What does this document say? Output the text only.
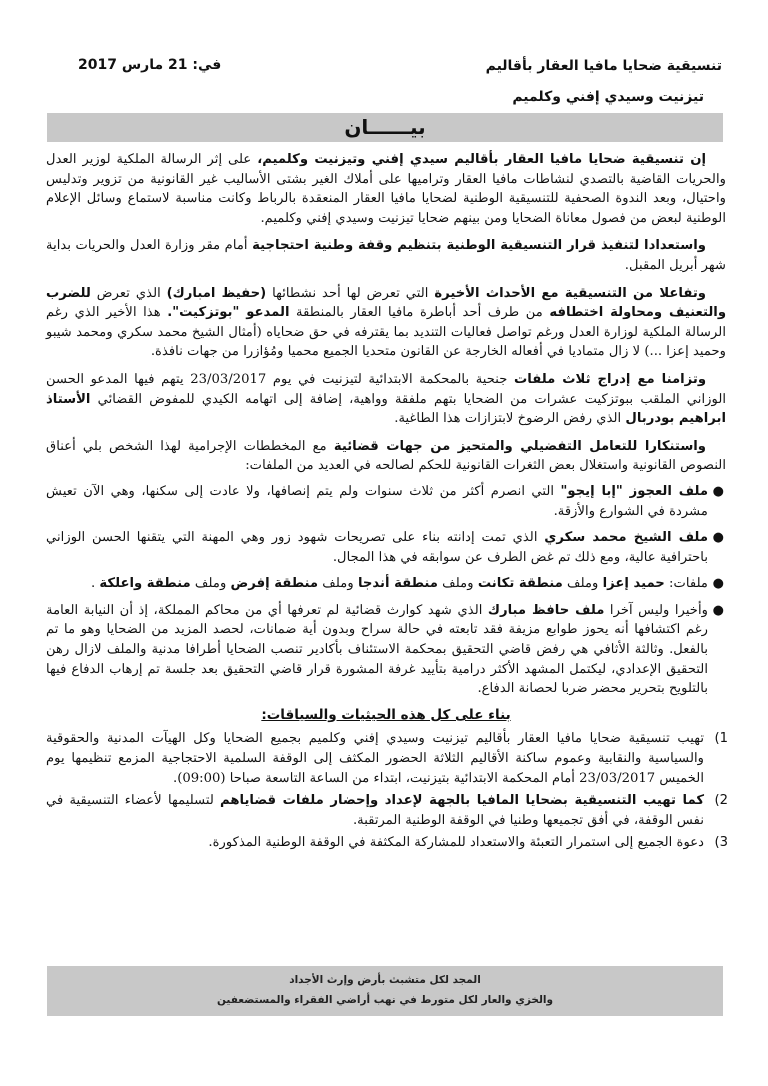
تنسيقية ضحايا مافيا العقار بأقاليم
تيزنيت وسيدي إفني وكلميم
في: 21 مارس 2017
بيــــــان

إن تنسيقية ضحايا مافيا العقار بأقاليم سيدي إفني وتيزنيت وكلميم، على إثر الرسالة الملكية لوزير العدل والحريات القاضية بالتصدي لنشاطات مافيا العقار وترامیها على أملاك الغير بشتى الأساليب غير القانونية من تزوير وتدليس واحتيال، وبعد الندوة الصحفية للتنسيقية الوطنية لضحايا مافيا العقار المنعقدة بالرباط وكانت مناسبة لاستماع وسائل الإعلام الوطنية لبعض من فصول معاناة الضحايا ومن بينهم ضحايا تيزنيت وسيدي إفني وكلميم.

واستعدادا لتنفيذ قرار التنسيقية الوطنية بتنظيم وقفة وطنية احتجاجية أمام مقر وزارة العدل والحريات بداية شهر أبريل المقبل.

وتفاعلا من التنسيقية مع الأحداث الأخيرة التي تعرض لها أحد نشطائها (حفيظ امبارك) الذي تعرض للضرب والتعنيف ومحاولة اختطافه من طرف أحد أباطرة مافيا العقار بالمنطقة المدعو "بوتزكيت". هذا الأخير الذي رغم الرسالة الملكية لوزارة العدل ورغم تواصل فعاليات التنديد بما يقترفه في حق ضحاياه (أمثال الشيخ محمد سكري ومحمد شيبو وحميد إعزا ...) لا زال متماديا في أفعاله الخارجة عن القانون متحديا الجميع محميا ومُؤازرا من جهات نافذة.

وتزامنا مع إدراج ثلاث ملفات جنحية بالمحكمة الابتدائية لتيزنيت في يوم 23/03/2017 يتهم فيها المدعو الحسن الوزاني الملقب ببوتزكيت عشرات من الضحايا بتهم ملفقة وواهية، إضافة إلى اتهامه الكيدي للمفوض القضائي الأستاذ ابراهيم بودربال الذي رفض الرضوخ لابتزازات هذا الطاغية.

واستنكارا للتعامل التفضيلي والمتحيز من جهات قضائية مع المخططات الإجرامية لهذا الشخص بلي أعناق النصوص القانونية واستغلال بعض الثغرات القانونية للحكم لصالحه في العديد من الملفات:

●
ملف العجوز "إبا إيجو" التي انصرم أكثر من ثلاث سنوات ولم يتم إنصافها، ولا عادت إلى سكنها، وهي الآن تعيش مشردة في الشوارع والأزقة.
●
ملف الشيخ محمد سكري الذي تمت إدانته بناء على تصريحات شهود زور وهي المهنة التي يتقنها الحسن الوزاني باحترافية عالية، ومع ذلك تم غض الطرف عن سوابقه في هذا المجال.
●
ملفات: حميد إعزا وملف منطقة تكانت وملف منطقة أندجا وملف منطقة إفرض وملف منطقة واعلكة .
●
وأخيرا وليس آخرا ملف حافظ مبارك الذي شهد كوارث قضائية لم تعرفها أي من محاكم المملكة، إذ أن النيابة العامة رغم اكتشافها أنه يحوز طوابع مزيفة فقد تابعته في حالة سراح وبدون أية ضمانات، لحصد المزيد من الضحايا وهو ما تم بالفعل. وثالثة الأثافي هي رفض قاضي التحقيق بمحكمة الاستئناف بأكادير تنصب الضحايا أطرافا مدنية والملف لازال رهن التحقيق الإعدادي، ليكتمل المشهد الأكثر درامية بتأييد غرفة المشورة قرار قاضي التحقيق بعد جلسة تم إرهاب الدفاع فيها بالتلويح بتحرير محضر ضربا لحصانة الدفاع.
بناء على كل هذه الحيثيات والسياقات:
1)
تهيب تنسيقية ضحايا مافيا العقار بأقاليم تيزنيت وسيدي إفني وكلميم بجميع الضحايا وكل الهيآت المدنية والحقوقية والسياسية والنقابية وعموم ساكنة الأقاليم الثلاثة الحضور المكثف إلى الوقفة السلمية الاحتجاجية المزمع تنظيمها يوم الخميس 23/03/2017 أمام المحكمة الابتدائية بتيزنيت، ابتداء من الساعة التاسعة صباحا (09:00).
2)
كما تهيب التنسيقية بضحايا المافيا بالجهة لإعداد وإحضار ملفات قضاياهم لتسليمها لأعضاء التنسيقية في نفس الوقفة، في أفق تجميعها وطنيا في الوقفة الوطنية المرتقبة.
3)
دعوة الجميع إلى استمرار التعبئة والاستعداد للمشاركة المكثفة في الوقفة الوطنية المذكورة.
المجد لكل متشبث بأرض وإرث الأجداد
والخزي والعار لكل متورط في نهب أراضي الفقراء والمستضعفين
